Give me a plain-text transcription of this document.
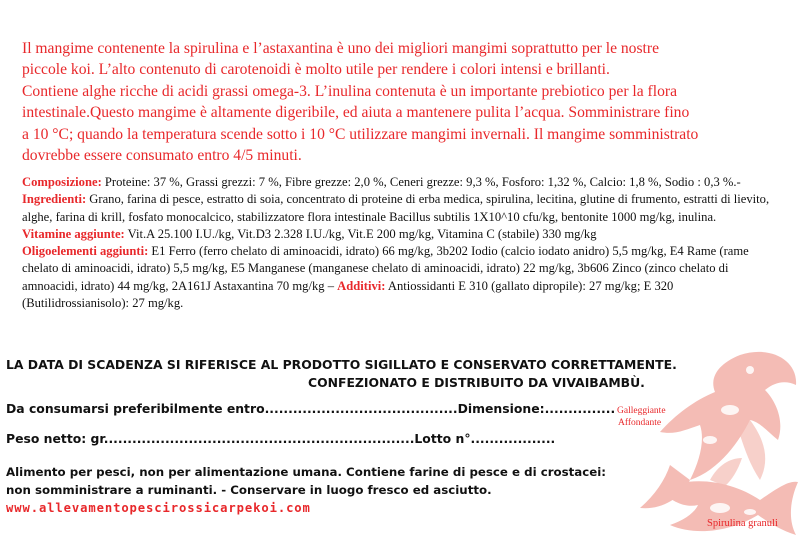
Il mangime contenente la spirulina e l’astaxantina è uno dei migliori mangimi soprattutto per le nostre

piccole koi. L’alto contenuto di carotenoidi è molto utile per rendere i colori intensi e brillanti.

Contiene alghe ricche di acidi grassi omega-3. L’inulina contenuta è un importante prebiotico per la flora

intestinale.Questo mangime è altamente digeribile, ed aiuta a mantenere pulita l’acqua. Somministrare fino

a 10 °C; quando la temperatura scende sotto i 10 °C utilizzare mangimi invernali. Il mangime somministrato

dovrebbe essere consumato entro 4/5 minuti.

Composizione: Proteine: 37 %, Grassi grezzi: 7 %, Fibre grezze: 2,0 %, Ceneri grezze: 9,3 %, Fosforo: 1,32 %, Calcio: 1,8 %, Sodio : 0,3 %.- Ingredienti: Grano, farina di pesce, estratto di soia, concentrato di proteine di erba medica, spirulina, lecitina, glutine di frumento, estratti di lievito, alghe, farina di krill, fosfato monocalcico, stabilizzatore flora intestinale Bacillus subtilis 1X10^10 cfu/kg, bentonite 1000 mg/kg, inulina.
Vitamine aggiunte: Vit.A 25.100 I.U./kg, Vit.D3 2.328 I.U./kg, Vit.E 200 mg/kg, Vitamina C (stabile) 330 mg/kg
Oligoelementi aggiunti: E1 Ferro (ferro chelato di aminoacidi, idrato) 66 mg/kg, 3b202 Iodio (calcio iodato anidro) 5,5 mg/kg, E4 Rame (rame chelato di aminoacidi, idrato) 5,5 mg/kg, E5 Manganese (manganese chelato di aminoacidi, idrato) 22 mg/kg, 3b606 Zinco (zinco chelato di amnoacidi, idrato) 44 mg/kg, 2A161J Astaxantina 70 mg/kg – Additivi: Antiossidanti E 310 (gallato dipropile): 27 mg/kg; E 320 (Butilidrossianisolo): 27 mg/kg.
LA DATA DI SCADENZA SI RIFERISCE AL PRODOTTO SIGILLATO E CONSERVATO CORRETTAMENTE.
CONFEZIONATO E DISTRIBUITO DA VIVAIBAMBÙ.
Da consumarsi preferibilmente entro.........................................Dimensione:...............
Peso netto: gr..................................................................Lotto n°..................

Alimento per pesci, non per alimentazione umana. Contiene farine di pesce e di crostacei:

non somministrare a ruminanti. - Conservare in luogo fresco ed asciutto.

www.allevamentopescirossicarpekoi.com
Galleggiante
Affondante
Spirulina granuli
